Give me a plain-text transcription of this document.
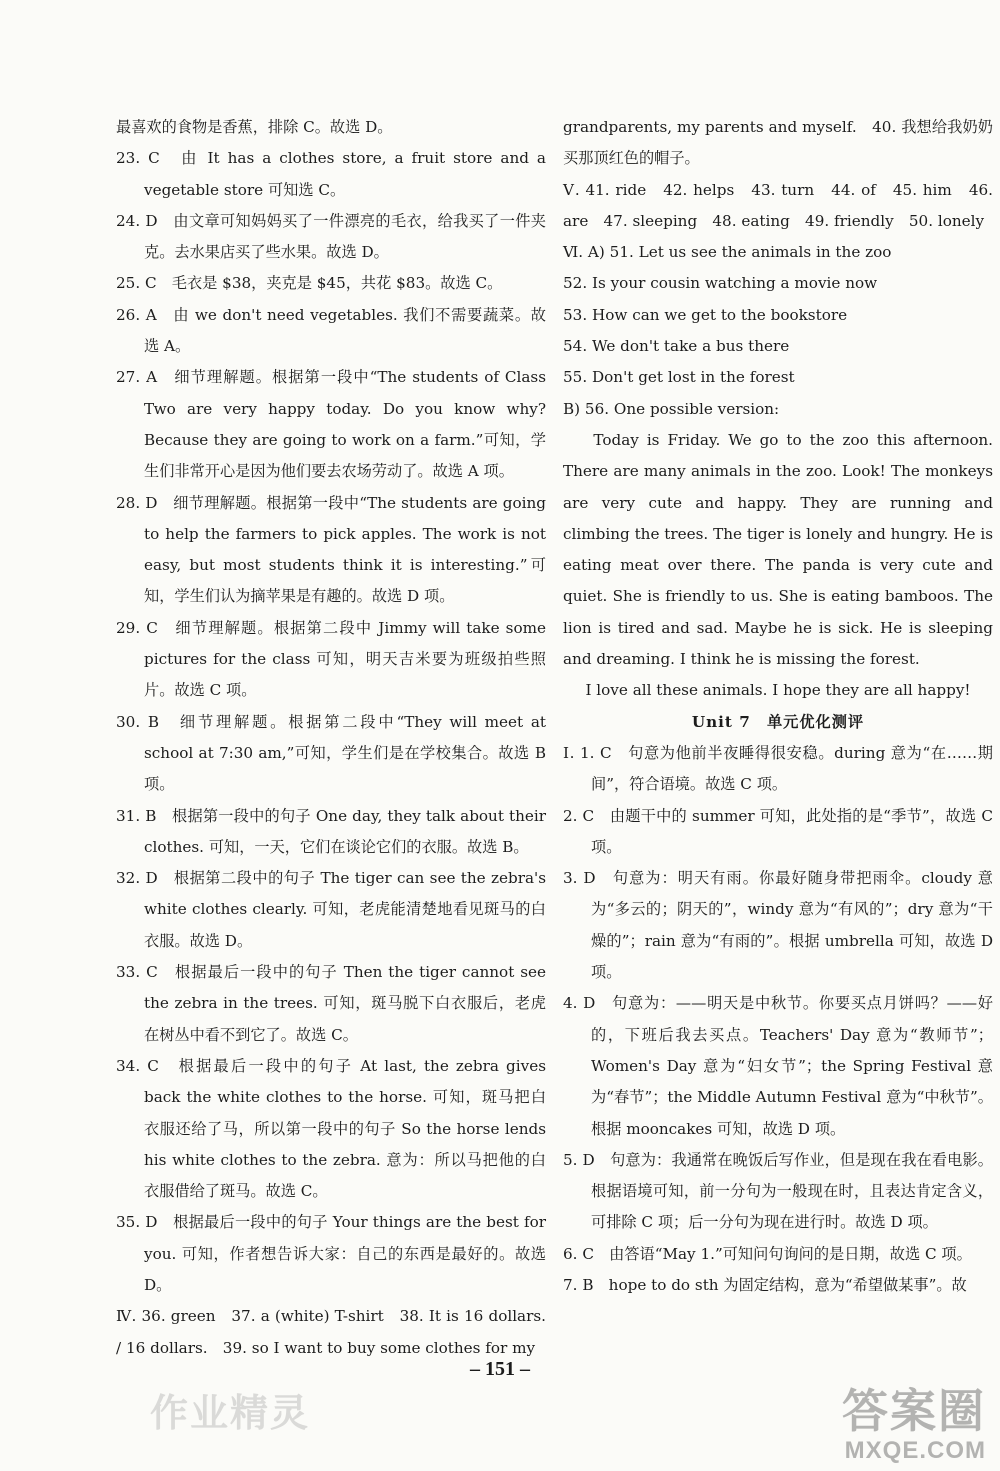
最喜欢的食物是香蕉，排除 C。故选 D。

23. C　由 It has a clothes store, a fruit store and a vegetable store 可知选 C。

24. D　由文章可知妈妈买了一件漂亮的毛衣，给我买了一件夹克。去水果店买了些水果。故选 D。

25. C　毛衣是 $38，夹克是 $45，共花 $83。故选 C。

26. A　由 we don't need vegetables. 我们不需要蔬菜。故选 A。

27. A　细节理解题。根据第一段中“The students of Class Two are very happy today. Do you know why? Because they are going to work on a farm.”可知，学生们非常开心是因为他们要去农场劳动了。故选 A 项。

28. D　细节理解题。根据第一段中“The students are going to help the farmers to pick apples. The work is not easy, but most students think it is interesting.”可知，学生们认为摘苹果是有趣的。故选 D 项。

29. C　细节理解题。根据第二段中 Jimmy will take some pictures for the class 可知，明天吉米要为班级拍些照片。故选 C 项。

30. B　细节理解题。根据第二段中“They will meet at school at 7:30 am,”可知，学生们是在学校集合。故选 B 项。

31. B　根据第一段中的句子 One day, they talk about their clothes. 可知，一天，它们在谈论它们的衣服。故选 B。

32. D　根据第二段中的句子 The tiger can see the zebra's white clothes clearly. 可知，老虎能清楚地看见斑马的白衣服。故选 D。

33. C　根据最后一段中的句子 Then the tiger cannot see the zebra in the trees. 可知，斑马脱下白衣服后，老虎在树丛中看不到它了。故选 C。

34. C　根据最后一段中的句子 At last, the zebra gives back the white clothes to the horse. 可知，斑马把白衣服还给了马，所以第一段中的句子 So the horse lends his white clothes to the zebra. 意为：所以马把他的白衣服借给了斑马。故选 C。

35. D　根据最后一段中的句子 Your things are the best for you. 可知，作者想告诉大家：自己的东西是最好的。故选 D。

Ⅳ. 36. green　37. a (white) T-shirt　38. It is 16 dollars. / 16 dollars.　39. so I want to buy some clothes for my

grandparents, my parents and myself.　40. 我想给我奶奶买那顶红色的帽子。

Ⅴ. 41. ride　42. helps　43. turn　44. of　45. him　46. are　47. sleeping　48. eating　49. friendly　50. lonely

Ⅵ. A) 51. Let us see the animals in the zoo

52. Is your cousin watching a movie now

53. How can we get to the bookstore

54. We don't take a bus there

55. Don't get lost in the forest

B) 56. One possible version:

Today is Friday. We go to the zoo this afternoon. There are many animals in the zoo. Look! The monkeys are very cute and happy. They are running and climbing the trees. The tiger is lonely and hungry. He is eating meat over there. The panda is very cute and quiet. She is friendly to us. She is eating bamboos. The lion is tired and sad. Maybe he is sick. He is sleeping and dreaming. I think he is missing the forest.

I love all these animals. I hope they are all happy!

Unit 7　单元优化测评

Ⅰ. 1. C　句意为他前半夜睡得很安稳。during 意为“在……期间”，符合语境。故选 C 项。

2. C　由题干中的 summer 可知，此处指的是“季节”，故选 C 项。

3. D　句意为：明天有雨。你最好随身带把雨伞。cloudy 意为“多云的；阴天的”，windy 意为“有风的”；dry 意为“干燥的”；rain 意为“有雨的”。根据 umbrella 可知，故选 D 项。

4. D　句意为：——明天是中秋节。你要买点月饼吗？——好的，下班后我去买点。Teachers' Day 意为“教师节”；Women's Day 意为“妇女节”；the Spring Festival 意为“春节”；the Middle Autumn Festival 意为“中秋节”。根据 mooncakes 可知，故选 D 项。

5. D　句意为：我通常在晚饭后写作业，但是现在我在看电影。根据语境可知，前一分句为一般现在时，且表达肯定含义，可排除 C 项；后一分句为现在进行时。故选 D 项。

6. C　由答语“May 1.”可知问句询问的是日期，故选 C 项。

7. B　hope to do sth 为固定结构，意为“希望做某事”。故

– 151 –
作业精灵	答案圈
MXQE.COM
